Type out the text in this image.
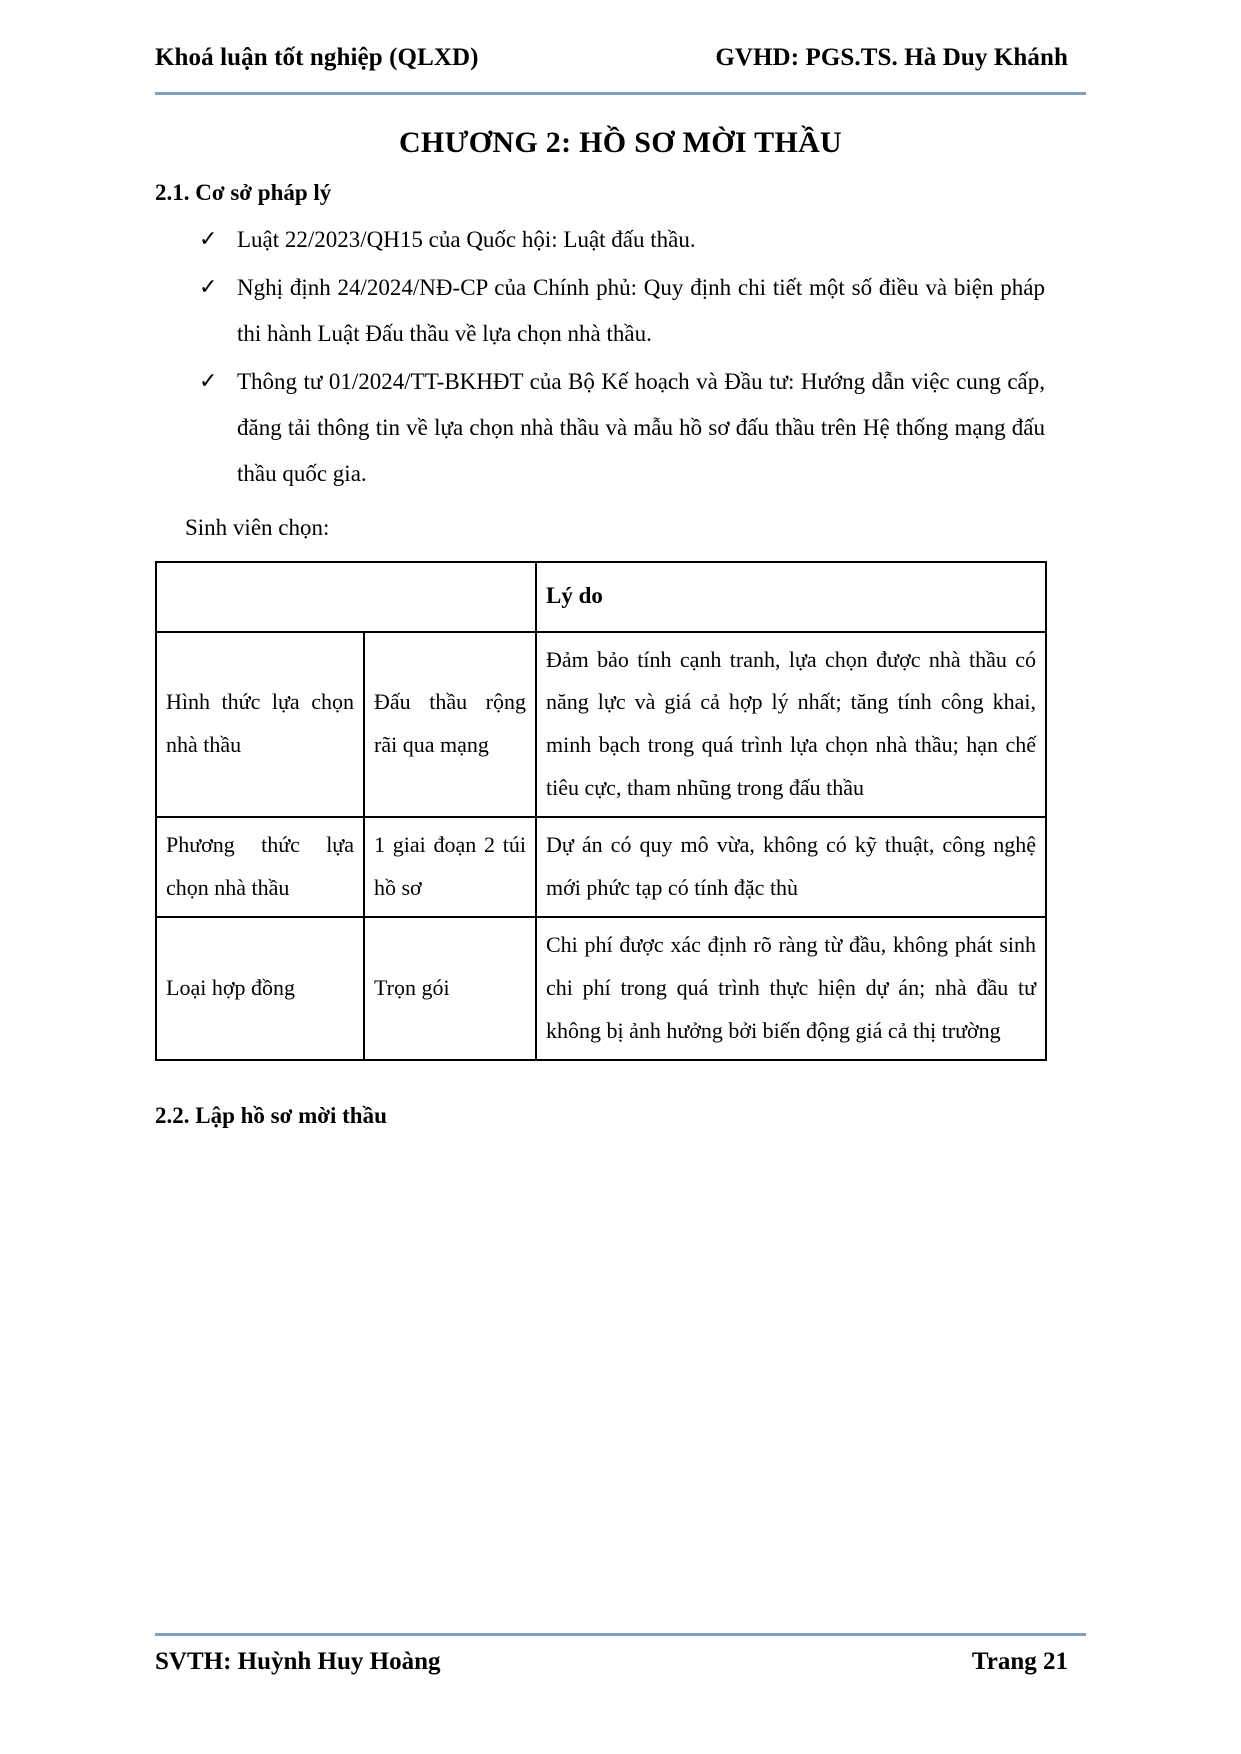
Khoá luận tốt nghiệp (QLXD)	GVHD: PGS.TS. Hà Duy Khánh
CHƯƠNG 2: HỒ SƠ MỜI THẦU
2.1. Cơ sở pháp lý
✓ Luật 22/2023/QH15 của Quốc hội: Luật đấu thầu.
✓ Nghị định 24/2024/NĐ-CP của Chính phủ: Quy định chi tiết một số điều và biện pháp thi hành Luật Đấu thầu về lựa chọn nhà thầu.
✓ Thông tư 01/2024/TT-BKHĐT của Bộ Kế hoạch và Đầu tư: Hướng dẫn việc cung cấp, đăng tải thông tin về lựa chọn nhà thầu và mẫu hồ sơ đấu thầu trên Hệ thống mạng đấu thầu quốc gia.

Sinh viên chọn:

		Lý do
Hình thức lựa chọn nhà thầu	Đấu thầu rộng rãi qua mạng	Đảm bảo tính cạnh tranh, lựa chọn được nhà thầu có năng lực và giá cả hợp lý nhất; tăng tính công khai, minh bạch trong quá trình lựa chọn nhà thầu; hạn chế tiêu cực, tham nhũng trong đấu thầu
Phương thức lựa chọn nhà thầu	1 giai đoạn 2 túi hồ sơ	Dự án có quy mô vừa, không có kỹ thuật, công nghệ mới phức tạp có tính đặc thù
Loại hợp đồng	Trọn gói	Chi phí được xác định rõ ràng từ đầu, không phát sinh chi phí trong quá trình thực hiện dự án; nhà đầu tư không bị ảnh hưởng bởi biến động giá cả thị trường
2.2. Lập hồ sơ mời thầu
SVTH: Huỳnh Huy Hoàng	Trang 21
